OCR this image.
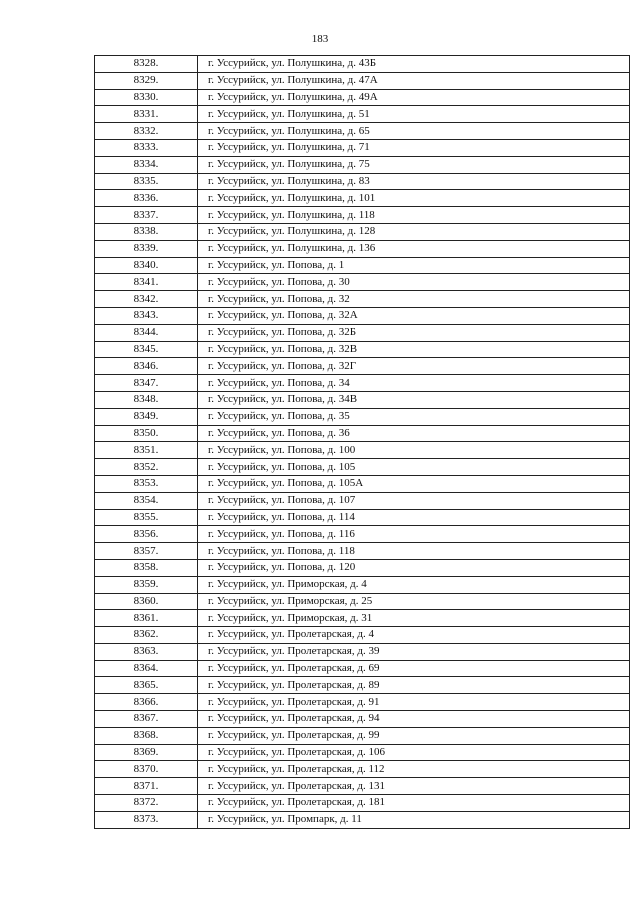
183
8328.	г. Уссурийск, ул. Полушкина, д. 43Б
8329.	г. Уссурийск, ул. Полушкина, д. 47А
8330.	г. Уссурийск, ул. Полушкина, д. 49А
8331.	г. Уссурийск, ул. Полушкина, д. 51
8332.	г. Уссурийск, ул. Полушкина, д. 65
8333.	г. Уссурийск, ул. Полушкина, д. 71
8334.	г. Уссурийск, ул. Полушкина, д. 75
8335.	г. Уссурийск, ул. Полушкина, д. 83
8336.	г. Уссурийск, ул. Полушкина, д. 101
8337.	г. Уссурийск, ул. Полушкина, д. 118
8338.	г. Уссурийск, ул. Полушкина, д. 128
8339.	г. Уссурийск, ул. Полушкина, д. 136
8340.	г. Уссурийск, ул. Попова, д. 1
8341.	г. Уссурийск, ул. Попова, д. 30
8342.	г. Уссурийск, ул. Попова, д. 32
8343.	г. Уссурийск, ул. Попова, д. 32А
8344.	г. Уссурийск, ул. Попова, д. 32Б
8345.	г. Уссурийск, ул. Попова, д. 32В
8346.	г. Уссурийск, ул. Попова, д. 32Г
8347.	г. Уссурийск, ул. Попова, д. 34
8348.	г. Уссурийск, ул. Попова, д. 34В
8349.	г. Уссурийск, ул. Попова, д. 35
8350.	г. Уссурийск, ул. Попова, д. 36
8351.	г. Уссурийск, ул. Попова, д. 100
8352.	г. Уссурийск, ул. Попова, д. 105
8353.	г. Уссурийск, ул. Попова, д. 105А
8354.	г. Уссурийск, ул. Попова, д. 107
8355.	г. Уссурийск, ул. Попова, д. 114
8356.	г. Уссурийск, ул. Попова, д. 116
8357.	г. Уссурийск, ул. Попова, д. 118
8358.	г. Уссурийск, ул. Попова, д. 120
8359.	г. Уссурийск, ул. Приморская, д. 4
8360.	г. Уссурийск, ул. Приморская, д. 25
8361.	г. Уссурийск, ул. Приморская, д. 31
8362.	г. Уссурийск, ул. Пролетарская, д. 4
8363.	г. Уссурийск, ул. Пролетарская, д. 39
8364.	г. Уссурийск, ул. Пролетарская, д. 69
8365.	г. Уссурийск, ул. Пролетарская, д. 89
8366.	г. Уссурийск, ул. Пролетарская, д. 91
8367.	г. Уссурийск, ул. Пролетарская, д. 94
8368.	г. Уссурийск, ул. Пролетарская, д. 99
8369.	г. Уссурийск, ул. Пролетарская, д. 106
8370.	г. Уссурийск, ул. Пролетарская, д. 112
8371.	г. Уссурийск, ул. Пролетарская, д. 131
8372.	г. Уссурийск, ул. Пролетарская, д. 181
8373.	г. Уссурийск, ул. Промпарк, д. 11
